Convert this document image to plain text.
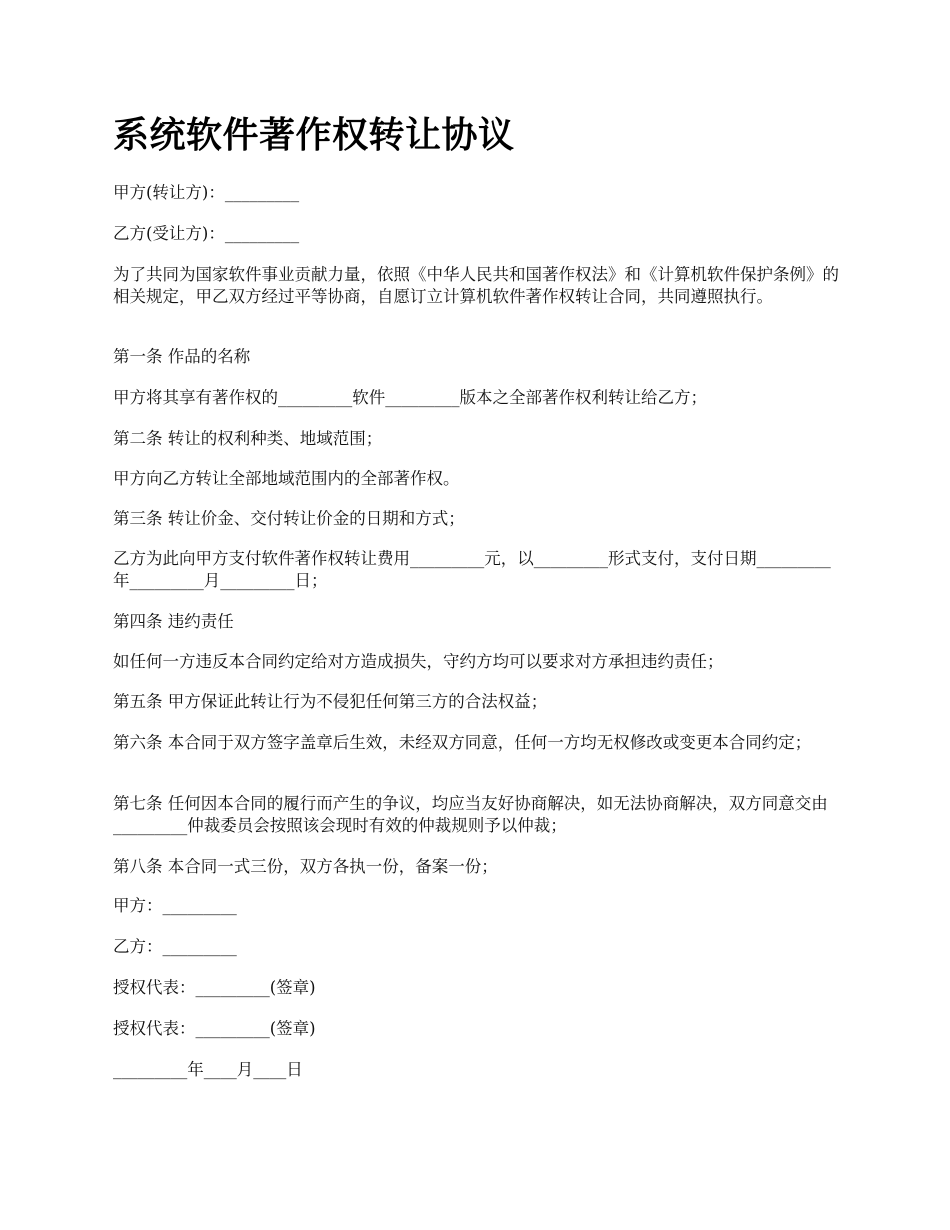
系统软件著作权转让协议

甲方(转让方)：_________

乙方(受让方)：_________

为了共同为国家软件事业贡献力量，依照《中华人民共和国著作权法》和《计算机软件保护条例》的相关规定，甲乙双方经过平等协商，自愿订立计算机软件著作权转让合同，共同遵照执行。

第一条 作品的名称

甲方将其享有著作权的_________软件_________版本之全部著作权利转让给乙方；

第二条 转让的权利种类、地域范围；

甲方向乙方转让全部地域范围内的全部著作权。

第三条 转让价金、交付转让价金的日期和方式；

乙方为此向甲方支付软件著作权转让费用_________元，以_________形式支付，支付日期_________年_________月_________日；

第四条 违约责任

如任何一方违反本合同约定给对方造成损失，守约方均可以要求对方承担违约责任；

第五条 甲方保证此转让行为不侵犯任何第三方的合法权益；

第六条 本合同于双方签字盖章后生效，未经双方同意，任何一方均无权修改或变更本合同约定；

第七条 任何因本合同的履行而产生的争议，均应当友好协商解决，如无法协商解决，双方同意交由_________仲裁委员会按照该会现时有效的仲裁规则予以仲裁；

第八条 本合同一式三份，双方各执一份，备案一份；

甲方：_________

乙方：_________

授权代表：_________(签章)

授权代表：_________(签章)

_________年____月____日
